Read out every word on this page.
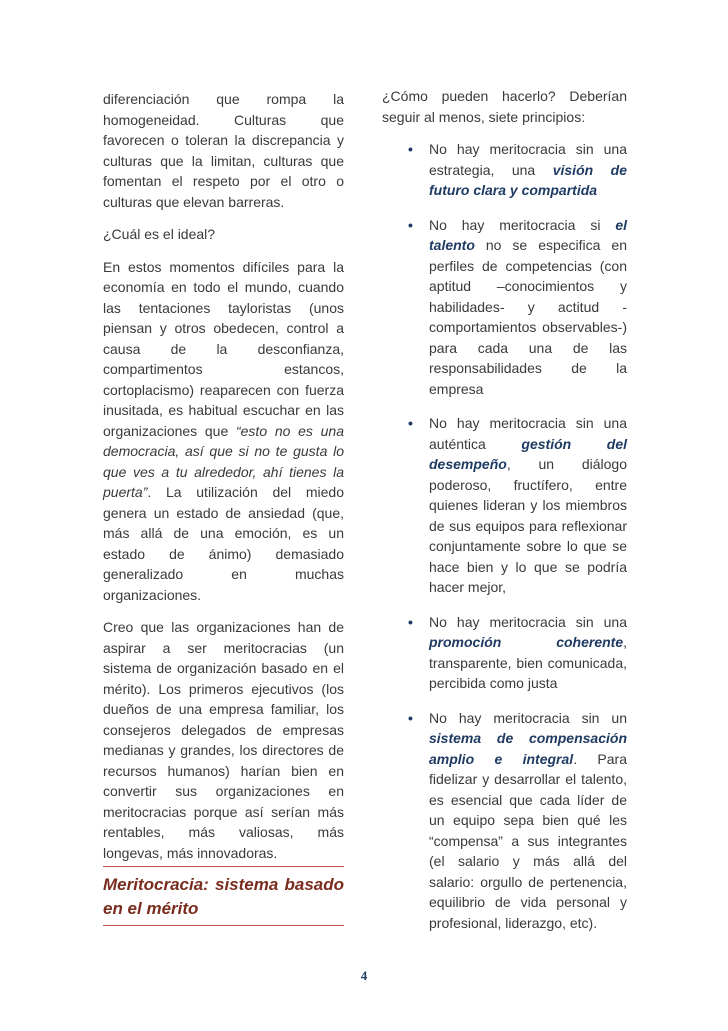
diferenciación que rompa la homogeneidad. Culturas que favorecen o toleran la discrepancia y culturas que la limitan, culturas que fomentan el respeto por el otro o culturas que elevan barreras.

¿Cuál es el ideal?

En estos momentos difíciles para la economía en todo el mundo, cuando las tentaciones tayloristas (unos piensan y otros obedecen, control a causa de la desconfianza, compartimentos estancos, cortoplacismo) reaparecen con fuerza inusitada, es habitual escuchar en las organizaciones que “esto no es una democracia, así que si no te gusta lo que ves a tu alrededor, ahí tienes la puerta”. La utilización del miedo genera un estado de ansiedad (que, más allá de una emoción, es un estado de ánimo) demasiado generalizado en muchas organizaciones.

Creo que las organizaciones han de aspirar a ser meritocracias (un sistema de organización basado en el mérito). Los primeros ejecutivos (los dueños de una empresa familiar, los consejeros delegados de empresas medianas y grandes, los directores de recursos humanos) harían bien en convertir sus organizaciones en meritocracias porque así serían más rentables, más valiosas, más longevas, más innovadoras.

Meritocracia: sistema basado en el mérito

¿Cómo pueden hacerlo? Deberían seguir al menos, siete principios:

• No hay meritocracia sin una estrategia, una visión de futuro clara y compartida
• No hay meritocracia si el talento no se especifica en perfiles de competencias (con aptitud –conocimientos y habilidades- y actitud -comportamientos observables-) para cada una de las responsabilidades de la empresa
• No hay meritocracia sin una auténtica gestión del desempeño, un diálogo poderoso, fructífero, entre quienes lideran y los miembros de sus equipos para reflexionar conjuntamente sobre lo que se hace bien y lo que se podría hacer mejor,
• No hay meritocracia sin una promoción coherente, transparente, bien comunicada, percibida como justa
• No hay meritocracia sin un sistema de compensación amplio e integral. Para fidelizar y desarrollar el talento, es esencial que cada líder de un equipo sepa bien qué les “compensa” a sus integrantes (el salario y más allá del salario: orgullo de pertenencia, equilibrio de vida personal y profesional, liderazgo, etc).
4
